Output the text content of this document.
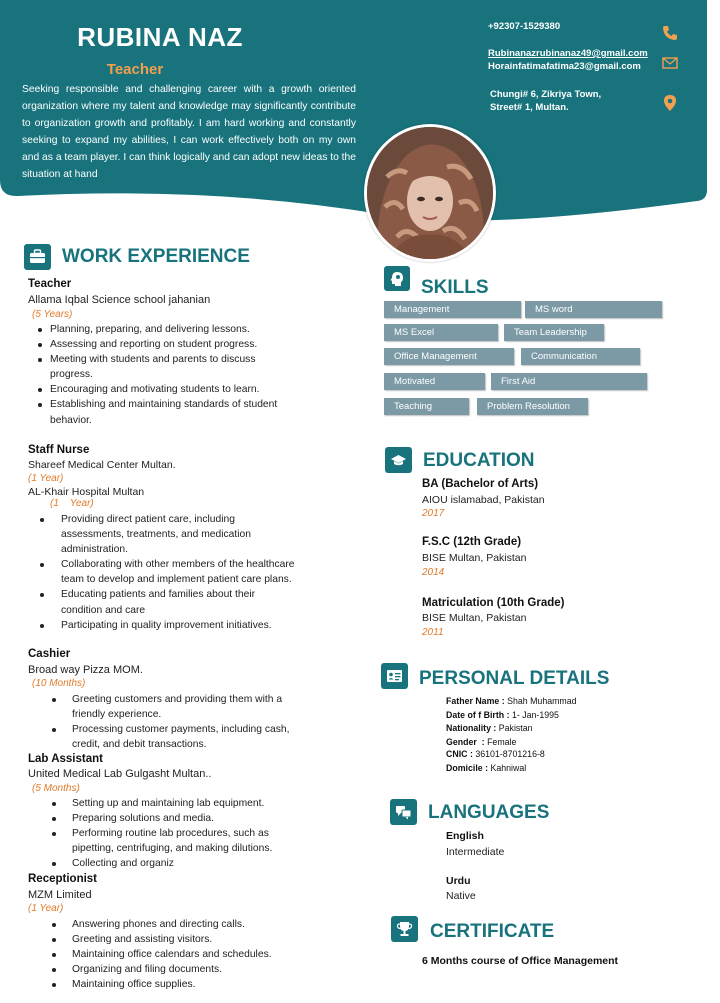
RUBINA NAZ
Teacher
Seeking responsible and challenging career with a growth oriented organization where my talent and knowledge may significantly contribute to organization growth and profitably. I am hard working and constantly seeking to expand my abilities, I can work effectively both on my own and as a team player. I can think logically and can adopt new ideas to the situation at hand
+92307-1529380
Rubinanazrubinanaz49@gmail.com
Horainfatimafatima23@gmail.com
Chungi# 6, Zikriya Town,
Street# 1, Multan.
WORK EXPERIENCE
Teacher
Allama Iqbal Science school jahanian
(5 Years)
Planning, preparing, and delivering lessons.
Assessing and reporting on student progress.
Meeting with students and parents to discuss
progress.
Encouraging and motivating students to learn.
Establishing and maintaining standards of student
behavior.
Staff Nurse
Shareef Medical Center Multan.
(1 Year)
AL-Khair Hospital Multan
(1    Year)
Providing direct patient care, including
assessments, treatments, and medication
administration.
Collaborating with other members of the healthcare
team to develop and implement patient care plans.
Educating patients and families about their
condition and care
Participating in quality improvement initiatives.
Cashier
Broad way Pizza MOM.
(10 Months)
Greeting customers and providing them with a
friendly experience.
Processing customer payments, including cash,
credit, and debit transactions.
Lab Assistant
United Medical Lab Gulgasht Multan..
(5 Months)
Setting up and maintaining lab equipment.
Preparing solutions and media.
Performing routine lab procedures, such as
pipetting, centrifuging, and making dilutions.
Collecting and organiz
Receptionist
MZM Limited
(1 Year)
Answering phones and directing calls.
Greeting and assisting visitors.
Maintaining office calendars and schedules.
Organizing and filing documents.
Maintaining office supplies.
SKILLS
Management	MS word
MS Excel	Team Leadership
Office Management	Communication
Motivated	First Aid
Teaching	Problem Resolution
EDUCATION
BA (Bachelor of Arts)
AIOU islamabad, Pakistan
2017
F.S.C (12th Grade)
BISE Multan, Pakistan
2014
Matriculation (10th Grade)
BISE Multan, Pakistan
2011
PERSONAL DETAILS
Father Name : Shah Muhammad
Date of f Birth : 1- Jan-1995
Nationality : Pakistan
Gender  : Female
CNIC : 36101-8701216-8
Domicile : Kahniwal
LANGUAGES
English
Intermediate
Urdu
Native
CERTIFICATE
6 Months course of Office Management
